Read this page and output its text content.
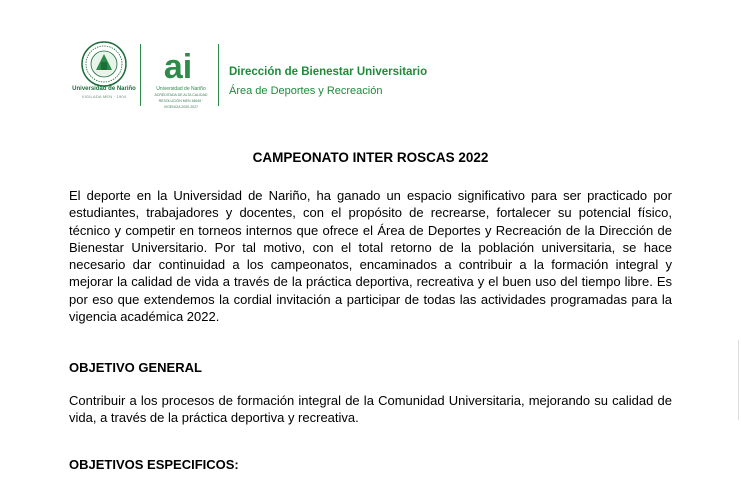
Universidad de Nariño
VIGILADA MEN · 1904
ai
Universidad de Nariño
ACREDITADA DE ALTA CALIDAD
RESOLUCIÓN MEN 18649 · VIGENCIA 2020-2027
Dirección de Bienestar Universitario
Área de Deportes y Recreación
CAMPEONATO INTER ROSCAS 2022
El deporte en la Universidad de Nariño, ha ganado un espacio significativo para ser practicado por estudiantes, trabajadores y docentes, con el propósito de recrearse, fortalecer su potencial físico, técnico y competir en torneos internos que ofrece el Área de Deportes y Recreación de la Dirección de Bienestar Universitario. Por tal motivo, con el total retorno de la población universitaria, se hace necesario dar continuidad a los campeonatos, encaminados a contribuir a la formación integral y mejorar la calidad de vida a través de la práctica deportiva, recreativa y el buen uso del tiempo libre. Es por eso que extendemos la cordial invitación a participar de todas las actividades programadas para la vigencia académica 2022.
OBJETIVO GENERAL
Contribuir a los procesos de formación integral de la Comunidad Universitaria, mejorando su calidad de vida, a través de la práctica deportiva y recreativa.
OBJETIVOS ESPECIFICOS:
